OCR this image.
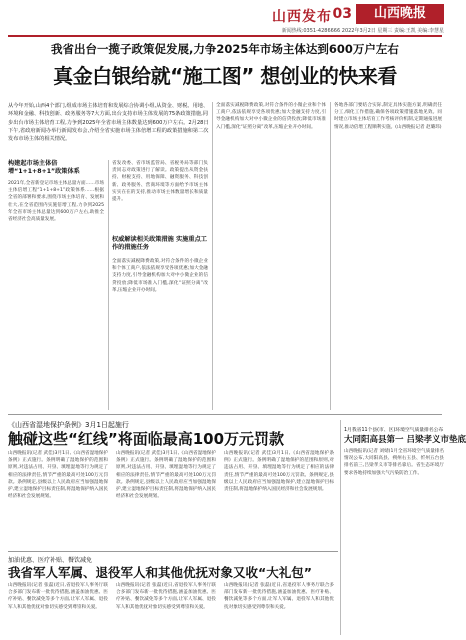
山西发布 03	山西晚报
新闻热线:0351-4286666 2022年3月2日 星期三 责编:王凯 美编:李慧星
我省出台一揽子政策促发展,力争2025年市场主体达到600万户左右
真金白银给就“施工图” 想创业的快来看
从今年开始,山西4个部门,组成市场主体培育和发展综合协调小组,从资金、财税、用地、环境和金融、科技创新、政务服务等7大方面,出台支持市场主体发展的75条政策措施,同步出台市场主体培育工程,力争到2025年全省市场主体数量达到600万户左右。2月28日下午,省政府新闻办举行新闻发布会,介绍全省实施市场主体倍增工程的政策措施和第二次发布市场主体的相关情况。
构建起市场主体倍增“1+1+8+1”政策体系
2021年,全省新登记市场主体总量方面……市场主体倍增工程“1+1+8+1”政策体系……根据全省的部署和要求,围绕市场主体培育、发展和壮大,在全省范围内实施倍增工程,力争到2025年全省市场主体总量达到600万户左右,助推全省经济社会高质量发展。
省发改委、省市场监管局、省税务局等部门负责同志对政策进行了解读。政策提出从资金扶持、财税支持、用地保障、融资服务、科技创新、政务服务、营商环境等方面给予市场主体实实在在的支持,推动市场主体数量增长和质量提升。
权威解读相关政策措施 实施重点工作的措施任务
全面落实减税降费政策,对符合条件的小微企业和个体工商户,依法依规享受各项优惠;加大金融支持力度,引导金融机构加大对中小微企业的信贷投放;降低市场准入门槛,深化“证照分离”改革,压缩企业开办时间。
全面落实减税降费政策,对符合条件的小微企业和个体工商户,依法依规享受各项优惠;加大金融支持力度,引导金融机构加大对中小微企业的信贷投放;降低市场准入门槛,深化“证照分离”改革,压缩企业开办时间。
各地各部门要结合实际,制定具体实施方案,明确责任分工,细化工作措施,确保各项政策措施落地见效。同时建立市场主体培育工作考核评价机制,定期通报进展情况,推动倍增工程顺利实施。(山西晚报记者 赵璐玮)
《山西省湿地保护条例》3月1日起施行
触碰这些“红线”将面临最高100万元罚款
山西晚报讯(记者 武佳)3月1日,《山西省湿地保护条例》正式施行。条例明确了湿地保护的范围和原则,对违法占用、开垦、填埋湿地等行为规定了相应的法律责任,情节严重的最高可处100万元罚款。条例规定,县级以上人民政府应当加强湿地保护,建立湿地保护目标责任制,将湿地保护纳入国民经济和社会发展规划。
山西晚报讯(记者 武佳)3月1日,《山西省湿地保护条例》正式施行。条例明确了湿地保护的范围和原则,对违法占用、开垦、填埋湿地等行为规定了相应的法律责任,情节严重的最高可处100万元罚款。条例规定,县级以上人民政府应当加强湿地保护,建立湿地保护目标责任制,将湿地保护纳入国民经济和社会发展规划。
山西晚报讯(记者 武佳)3月1日,《山西省湿地保护条例》正式施行。条例明确了湿地保护的范围和原则,对违法占用、开垦、填埋湿地等行为规定了相应的法律责任,情节严重的最高可处100万元罚款。条例规定,县级以上人民政府应当加强湿地保护,建立湿地保护目标责任制,将湿地保护纳入国民经济和社会发展规划。
1月我省11个县(市、区)环境空气质量排名公布
大同阳高县第一 吕梁孝义市垫底
山西晚报讯(记者 刘婧)1月全省环境空气质量排名情况公布,大同阳高县、朔州右玉县、忻州五台县排名前三,吕梁孝义市等排名靠后。省生态环境厅要求各地持续加强大气污染防治工作。
加油优惠、医疗补贴、餐饮减免
我省军人军属、退役军人和其他优抚对象又收“大礼包”
山西晚报讯(记者 张磊)近日,省退役军人事务厅联合多部门发布新一批优待措施,涵盖加油优惠、医疗补贴、餐饮减免等多个方面,让军人军属、退役军人和其他优抚对象切实感受到尊崇和关爱。
山西晚报讯(记者 张磊)近日,省退役军人事务厅联合多部门发布新一批优待措施,涵盖加油优惠、医疗补贴、餐饮减免等多个方面,让军人军属、退役军人和其他优抚对象切实感受到尊崇和关爱。
山西晚报讯(记者 张磊)近日,省退役军人事务厅联合多部门发布新一批优待措施,涵盖加油优惠、医疗补贴、餐饮减免等多个方面,让军人军属、退役军人和其他优抚对象切实感受到尊崇和关爱。
